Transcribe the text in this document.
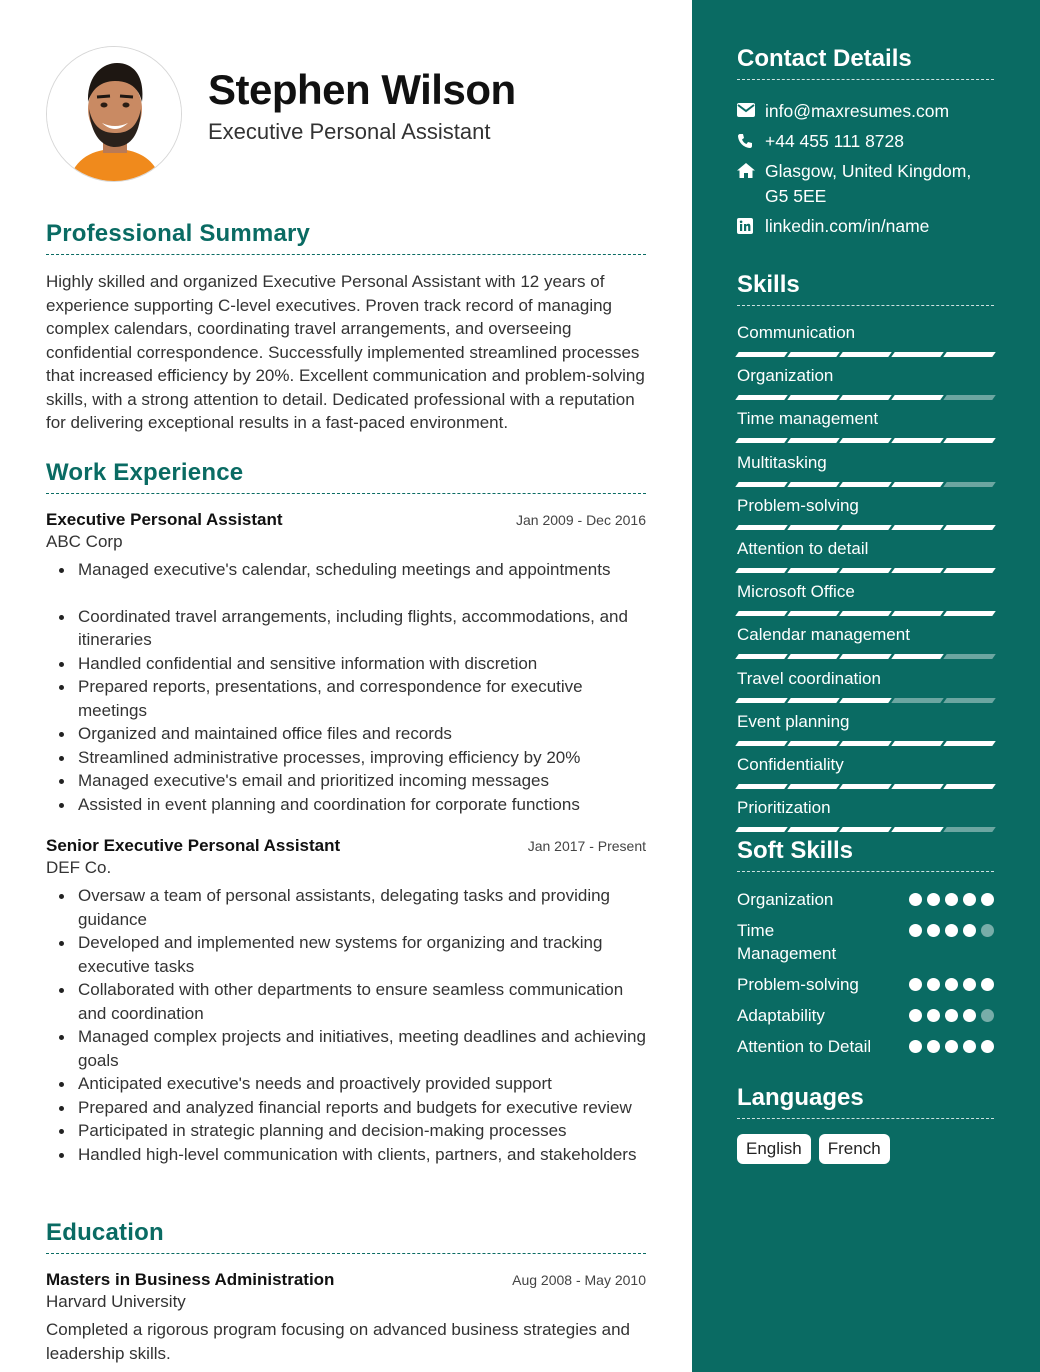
Stephen Wilson
Executive Personal Assistant
Professional Summary
Highly skilled and organized Executive Personal Assistant with 12 years of experience supporting C-level executives. Proven track record of managing complex calendars, coordinating travel arrangements, and overseeing confidential correspondence. Successfully implemented streamlined processes that increased efficiency by 20%. Excellent communication and problem-solving skills, with a strong attention to detail. Dedicated professional with a reputation for delivering exceptional results in a fast-paced environment.
Work Experience
Executive Personal Assistant	Jan 2009 - Dec 2016
ABC Corp
Managed executive's calendar, scheduling meetings and appointments
Coordinated travel arrangements, including flights, accommodations, and itineraries
Handled confidential and sensitive information with discretion
Prepared reports, presentations, and correspondence for executive meetings
Organized and maintained office files and records
Streamlined administrative processes, improving efficiency by 20%
Managed executive's email and prioritized incoming messages
Assisted in event planning and coordination for corporate functions
Senior Executive Personal Assistant	Jan 2017 - Present
DEF Co.
Oversaw a team of personal assistants, delegating tasks and providing guidance
Developed and implemented new systems for organizing and tracking executive tasks
Collaborated with other departments to ensure seamless communication and coordination
Managed complex projects and initiatives, meeting deadlines and achieving goals
Anticipated executive's needs and proactively provided support
Prepared and analyzed financial reports and budgets for executive review
Participated in strategic planning and decision-making processes
Handled high-level communication with clients, partners, and stakeholders
Education
Masters in Business Administration	Aug 2008 - May 2010
Harvard University
Completed a rigorous program focusing on advanced business strategies and leadership skills.
Contact Details
info@maxresumes.com
+44 455 111 8728
Glasgow, United Kingdom, G5 5EE
linkedin.com/in/name
Skills
Communication
Organization
Time management
Multitasking
Problem-solving
Attention to detail
Microsoft Office
Calendar management
Travel coordination
Event planning
Confidentiality
Prioritization
Soft Skills
Organization
Time Management
Problem-solving
Adaptability
Attention to Detail
Languages
English	French
